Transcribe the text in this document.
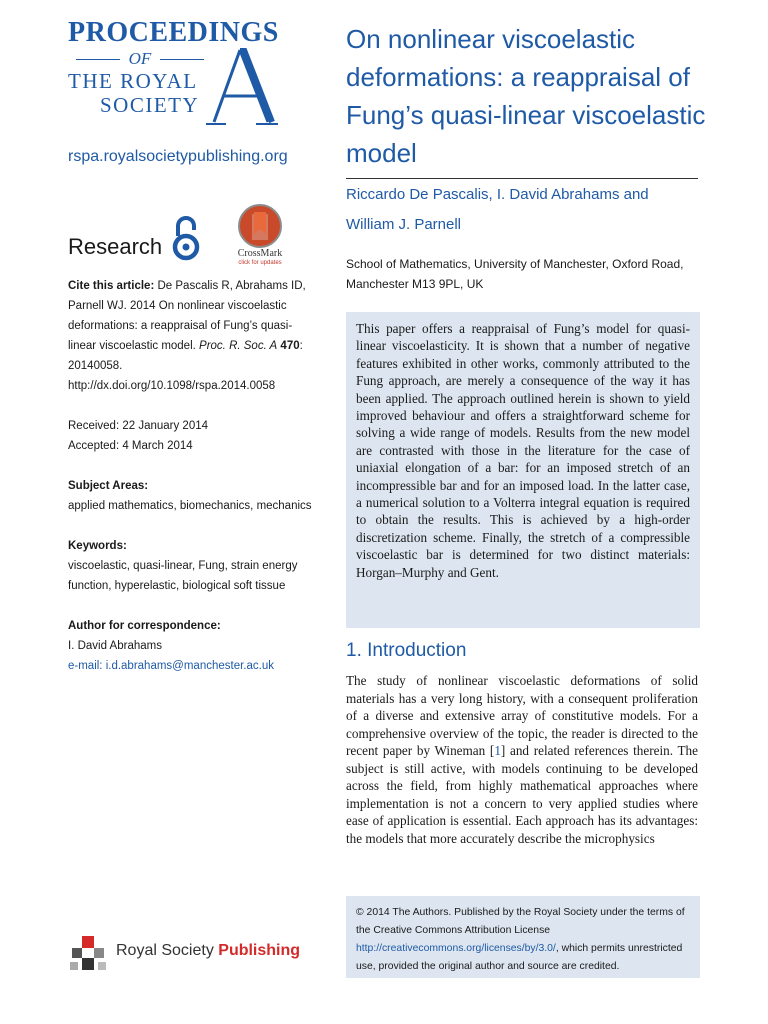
PROCEEDINGS
OF
THE ROYAL
SOCIETY
rspa.royalsocietypublishing.org
Research	CrossMark
click for updates
Cite this article: De Pascalis R, Abrahams ID, Parnell WJ. 2014 On nonlinear viscoelastic deformations: a reappraisal of Fung’s quasi-linear viscoelastic model. Proc. R. Soc. A 470: 20140058.
http://dx.doi.org/10.1098/rspa.2014.0058
Received: 22 January 2014
Accepted: 4 March 2014
Subject Areas:
applied mathematics, biomechanics, mechanics
Keywords:
viscoelastic, quasi-linear, Fung, strain energy function, hyperelastic, biological soft tissue
Author for correspondence:
I. David Abrahams
e-mail: i.d.abrahams@manchester.ac.uk
On nonlinear viscoelastic deformations: a reappraisal of Fung’s quasi-linear viscoelastic model
Riccardo De Pascalis, I. David Abrahams and William J. Parnell
School of Mathematics, University of Manchester, Oxford Road, Manchester M13 9PL, UK

This paper offers a reappraisal of Fung’s model for quasi-linear viscoelasticity. It is shown that a number of negative features exhibited in other works, commonly attributed to the Fung approach, are merely a consequence of the way it has been applied. The approach outlined herein is shown to yield improved behaviour and offers a straightforward scheme for solving a wide range of models. Results from the new model are contrasted with those in the literature for the case of uniaxial elongation of a bar: for an imposed stretch of an incompressible bar and for an imposed load. In the latter case, a numerical solution to a Volterra integral equation is required to obtain the results. This is achieved by a high-order discretization scheme. Finally, the stretch of a compressible viscoelastic bar is determined for two distinct materials: Horgan–Murphy and Gent.

1. Introduction

The study of nonlinear viscoelastic deformations of solid materials has a very long history, with a consequent proliferation of a diverse and extensive array of constitutive models. For a comprehensive overview of the topic, the reader is directed to the recent paper by Wineman [1] and related references therein. The subject is still active, with models continuing to be developed across the field, from highly mathematical approaches where implementation is not a concern to very applied studies where ease of application is essential. Each approach has its advantages: the models that more accurately describe the microphysics

© 2014 The Authors. Published by the Royal Society under the terms of the Creative Commons Attribution License http://creativecommons.org/licenses/by/3.0/, which permits unrestricted use, provided the original author and source are credited.
Royal Society Publishing
